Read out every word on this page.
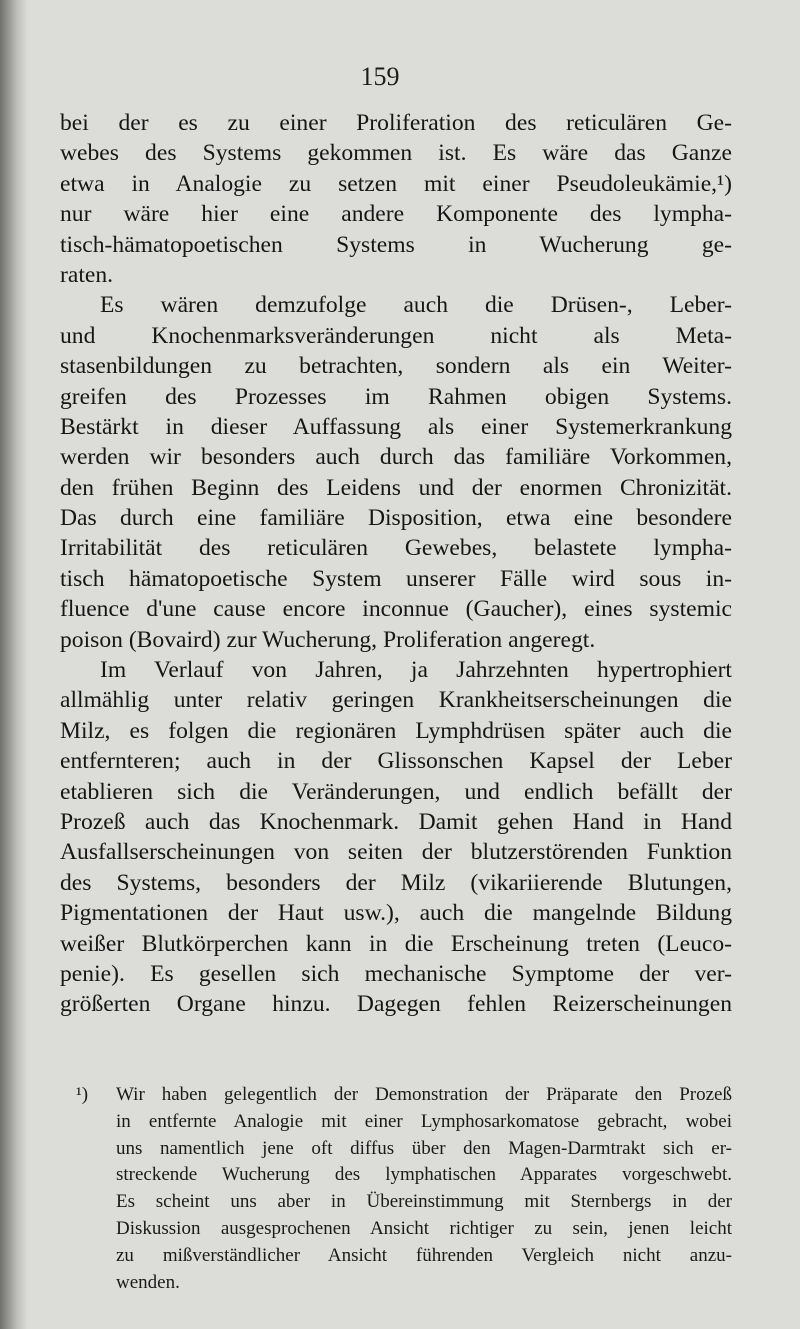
159
bei der es zu einer Proliferation des reticulären Ge-
webes des Systems gekommen ist. Es wäre das Ganze
etwa in Analogie zu setzen mit einer Pseudoleukämie,¹)
nur wäre hier eine andere Komponente des lympha-
tisch-hämatopoetischen Systems in Wucherung ge-
raten.
Es wären demzufolge auch die Drüsen-, Leber-
und Knochenmarksveränderungen nicht als Meta-
stasenbildungen zu betrachten, sondern als ein Weiter-
greifen des Prozesses im Rahmen obigen Systems.
Bestärkt in dieser Auffassung als einer Systemerkrankung
werden wir besonders auch durch das familiäre Vorkommen,
den frühen Beginn des Leidens und der enormen Chronizität.
Das durch eine familiäre Disposition, etwa eine besondere
Irritabilität des reticulären Gewebes, belastete lympha-
tisch hämatopoetische System unserer Fälle wird sous in-
fluence d'une cause encore inconnue (Gaucher), eines systemic
poison (Bovaird) zur Wucherung, Proliferation angeregt.
Im Verlauf von Jahren, ja Jahrzehnten hypertrophiert
allmählig unter relativ geringen Krankheitserscheinungen die
Milz, es folgen die regionären Lymphdrüsen später auch die
entfernteren; auch in der Glissonschen Kapsel der Leber
etablieren sich die Veränderungen, und endlich befällt der
Prozeß auch das Knochenmark. Damit gehen Hand in Hand
Ausfallserscheinungen von seiten der blutzerstörenden Funktion
des Systems, besonders der Milz (vikariierende Blutungen,
Pigmentationen der Haut usw.), auch die mangelnde Bildung
weißer Blutkörperchen kann in die Erscheinung treten (Leuco-
penie). Es gesellen sich mechanische Symptome der ver-
größerten Organe hinzu. Dagegen fehlen Reizerscheinungen
¹) Wir haben gelegentlich der Demonstration der Präparate den Prozeß
in entfernte Analogie mit einer Lymphosarkomatose gebracht, wobei
uns namentlich jene oft diffus über den Magen-Darmtrakt sich er-
streckende Wucherung des lymphatischen Apparates vorgeschwebt.
Es scheint uns aber in Übereinstimmung mit Sternbergs in der
Diskussion ausgesprochenen Ansicht richtiger zu sein, jenen leicht
zu mißverständlicher Ansicht führenden Vergleich nicht anzu-
wenden.
